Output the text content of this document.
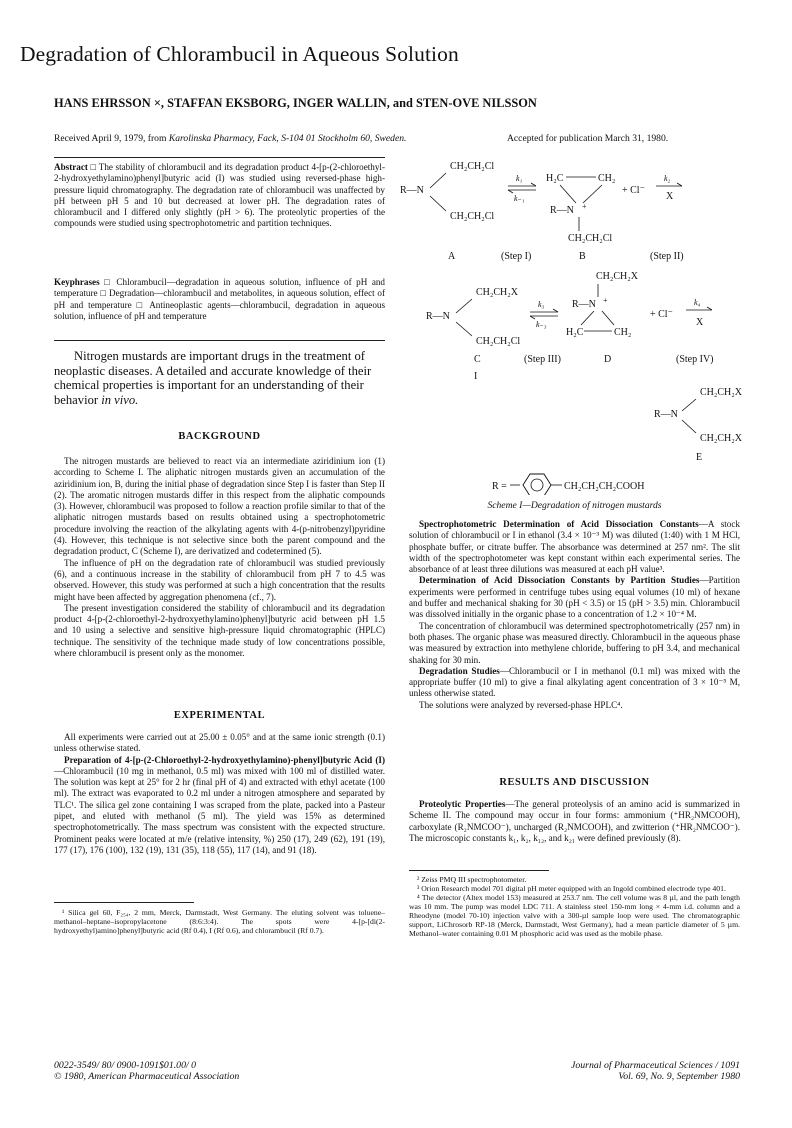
Degradation of Chlorambucil in Aqueous Solution
HANS EHRSSON ×, STAFFAN EKSBORG, INGER WALLIN, and STEN-OVE NILSSON
Received April 9, 1979, from Karolinska Pharmacy, Fack, S-104 01 Stockholm 60, Sweden.	Accepted for publication March 31, 1980.

Abstract □ The stability of chlorambucil and its degradation product 4-[p-(2-chloroethyl-2-hydroxyethylamino)phenyl]butyric acid (I) was studied using reversed-phase high-pressure liquid chromatography. The degradation rate of chlorambucil was unaffected by pH between pH 5 and 10 but decreased at lower pH. The degradation rates of chlorambucil and I differed only slightly (pH > 6). The proteolytic properties of the compounds were studied using spectrophotometric and partition techniques.

Keyphrases □ Chlorambucil—degradation in aqueous solution, influence of pH and temperature □ Degradation—chlorambucil and metabolites, in aqueous solution, effect of pH and temperature □ Antineoplastic agents—chlorambucil, degradation in aqueous solution, influence of pH and temperature

Nitrogen mustards are important drugs in the treatment of neoplastic diseases. A detailed and accurate knowledge of their chemical properties is important for an understanding of their behavior in vivo.

BACKGROUND

The nitrogen mustards are believed to react via an intermediate aziridinium ion (1) according to Scheme I. The aliphatic nitrogen mustards given an accumulation of the aziridinium ion, B, during the initial phase of degradation since Step I is faster than Step II (2). The aromatic nitrogen mustards differ in this respect from the aliphatic compounds (3). However, chlorambucil was proposed to follow a reaction profile similar to that of the aliphatic nitrogen mustards based on results obtained using a spectrophotometric procedure involving the reaction of the alkylating agents with 4-(p-nitrobenzyl)pyridine (4). However, this technique is not selective since both the parent compound and the degradation product, C (Scheme I), are derivatized and codetermined (5).

The influence of pH on the degradation rate of chlorambucil was studied previously (6), and a continuous increase in the stability of chlorambucil from pH 7 to 4.5 was observed. However, this study was performed at such a high concentration that the results might have been affected by aggregation phenomena (cf., 7).

The present investigation considered the stability of chlorambucil and its degradation product 4-[p-(2-chloroethyl-2-hydroxyethylamino)phenyl]butyric acid between pH 1.5 and 10 using a selective and sensitive high-pressure liquid chromatographic (HPLC) technique. The sensitivity of the technique made study of low concentrations possible, where chlorambucil is present only as the monomer.

EXPERIMENTAL

All experiments were carried out at 25.00 ± 0.05° and at the same ionic strength (0.1) unless otherwise stated.

Preparation of 4-[p-(2-Chloroethyl-2-hydroxyethylamino)-phenyl]butyric Acid (I)—Chlorambucil (10 mg in methanol, 0.5 ml) was mixed with 100 ml of distilled water. The solution was kept at 25° for 2 hr (final pH of 4) and extracted with ethyl acetate (100 ml). The extract was evaporated to 0.2 ml under a nitrogen atmosphere and separated by TLC¹. The silica gel zone containing I was scraped from the plate, packed into a Pasteur pipet, and eluted with methanol (5 ml). The yield was 15% as determined spectrophotometrically. The mass spectrum was consistent with the expected structure. Prominent peaks were located at m/e (relative intensity, %) 250 (17), 249 (62), 191 (19), 177 (17), 176 (100), 132 (19), 131 (35), 118 (55), 117 (14), and 91 (18).

¹ Silica gel 60, F₂₅₄, 2 mm, Merck, Darmstadt, West Germany. The eluting solvent was toluene–methanol–heptane–isopropylacetone (8:6:3:4). The spots were 4-[p-[di(2-hydroxyethyl)amino]phenyl]butyric acid (Rf 0.4), I (Rf 0.6), and chlorambucil (Rf 0.7).

CH₂CH₂Cl
R—N
CH₂CH₂Cl
k₁
k₋₁
H₂C	CH₂
R—N +
CH₂CH₂Cl
+ Cl⁻
k₂
X
A	(Step I)	B	(Step II)
CH₂CH₂X
R—N
CH₂CH₂Cl
k₃
k₋₃
CH₂CH₂X
R—N +
H₂C	CH₂
+ Cl⁻
k₄
X
C	(Step III)	D	(Step IV)
I
CH₂CH₂X
R—N
CH₂CH₂X
E
R =	CH₂CH₂CH₂COOH
Scheme I—Degradation of nitrogen mustards

Spectrophotometric Determination of Acid Dissociation Constants—A stock solution of chlorambucil or I in ethanol (3.4 × 10⁻³ M) was diluted (1:40) with 1 M HCl, phosphate buffer, or citrate buffer. The absorbance was determined at 257 nm². The slit width of the spectrophotometer was kept constant within each experimental series. The absorbance of at least three dilutions was measured at each pH value³.

Determination of Acid Dissociation Constants by Partition Studies—Partition experiments were performed in centrifuge tubes using equal volumes (10 ml) of hexane and buffer and mechanical shaking for 30 (pH < 3.5) or 15 (pH > 3.5) min. Chlorambucil was dissolved initially in the organic phase to a concentration of 1.2 × 10⁻⁴ M.

The concentration of chlorambucil was determined spectrophotometrically (257 nm) in both phases. The organic phase was measured directly. Chlorambucil in the aqueous phase was measured by extraction into methylene chloride, buffering to pH 3.4, and mechanical shaking for 30 min.

Degradation Studies—Chlorambucil or I in methanol (0.1 ml) was mixed with the appropriate buffer (10 ml) to give a final alkylating agent concentration of 3 × 10⁻⁵ M, unless otherwise stated.

The solutions were analyzed by reversed-phase HPLC⁴.

RESULTS AND DISCUSSION

Proteolytic Properties—The general proteolysis of an amino acid is summarized in Scheme II. The compound may occur in four forms: ammonium (⁺HR₂NMCOOH), carboxylate (R₂NMCOO⁻), uncharged (R₂NMCOOH), and zwitterion (⁺HR₂NMCOO⁻). The microscopic constants k₁, k₂, k₁₂, and k₂₁ were defined previously (8).

² Zeiss PMQ III spectrophotometer.

³ Orion Research model 701 digital pH meter equipped with an Ingold combined electrode type 401.

⁴ The detector (Altex model 153) measured at 253.7 nm. The cell volume was 8 µl, and the path length was 10 mm. The pump was model LDC 711. A stainless steel 150-mm long × 4-mm i.d. column and a Rheodyne (model 70-10) injection valve with a 300-µl sample loop were used. The chromatographic support, LiChrosorb RP-18 (Merck, Darmstadt, West Germany), had a mean particle diameter of 5 µm. Methanol–water containing 0.01 M phosphoric acid was used as the mobile phase.

0022-3549/ 80/ 0900-1091$01.00/ 0
© 1980, American Pharmaceutical Association
Journal of Pharmaceutical Sciences / 1091
Vol. 69, No. 9, September 1980
